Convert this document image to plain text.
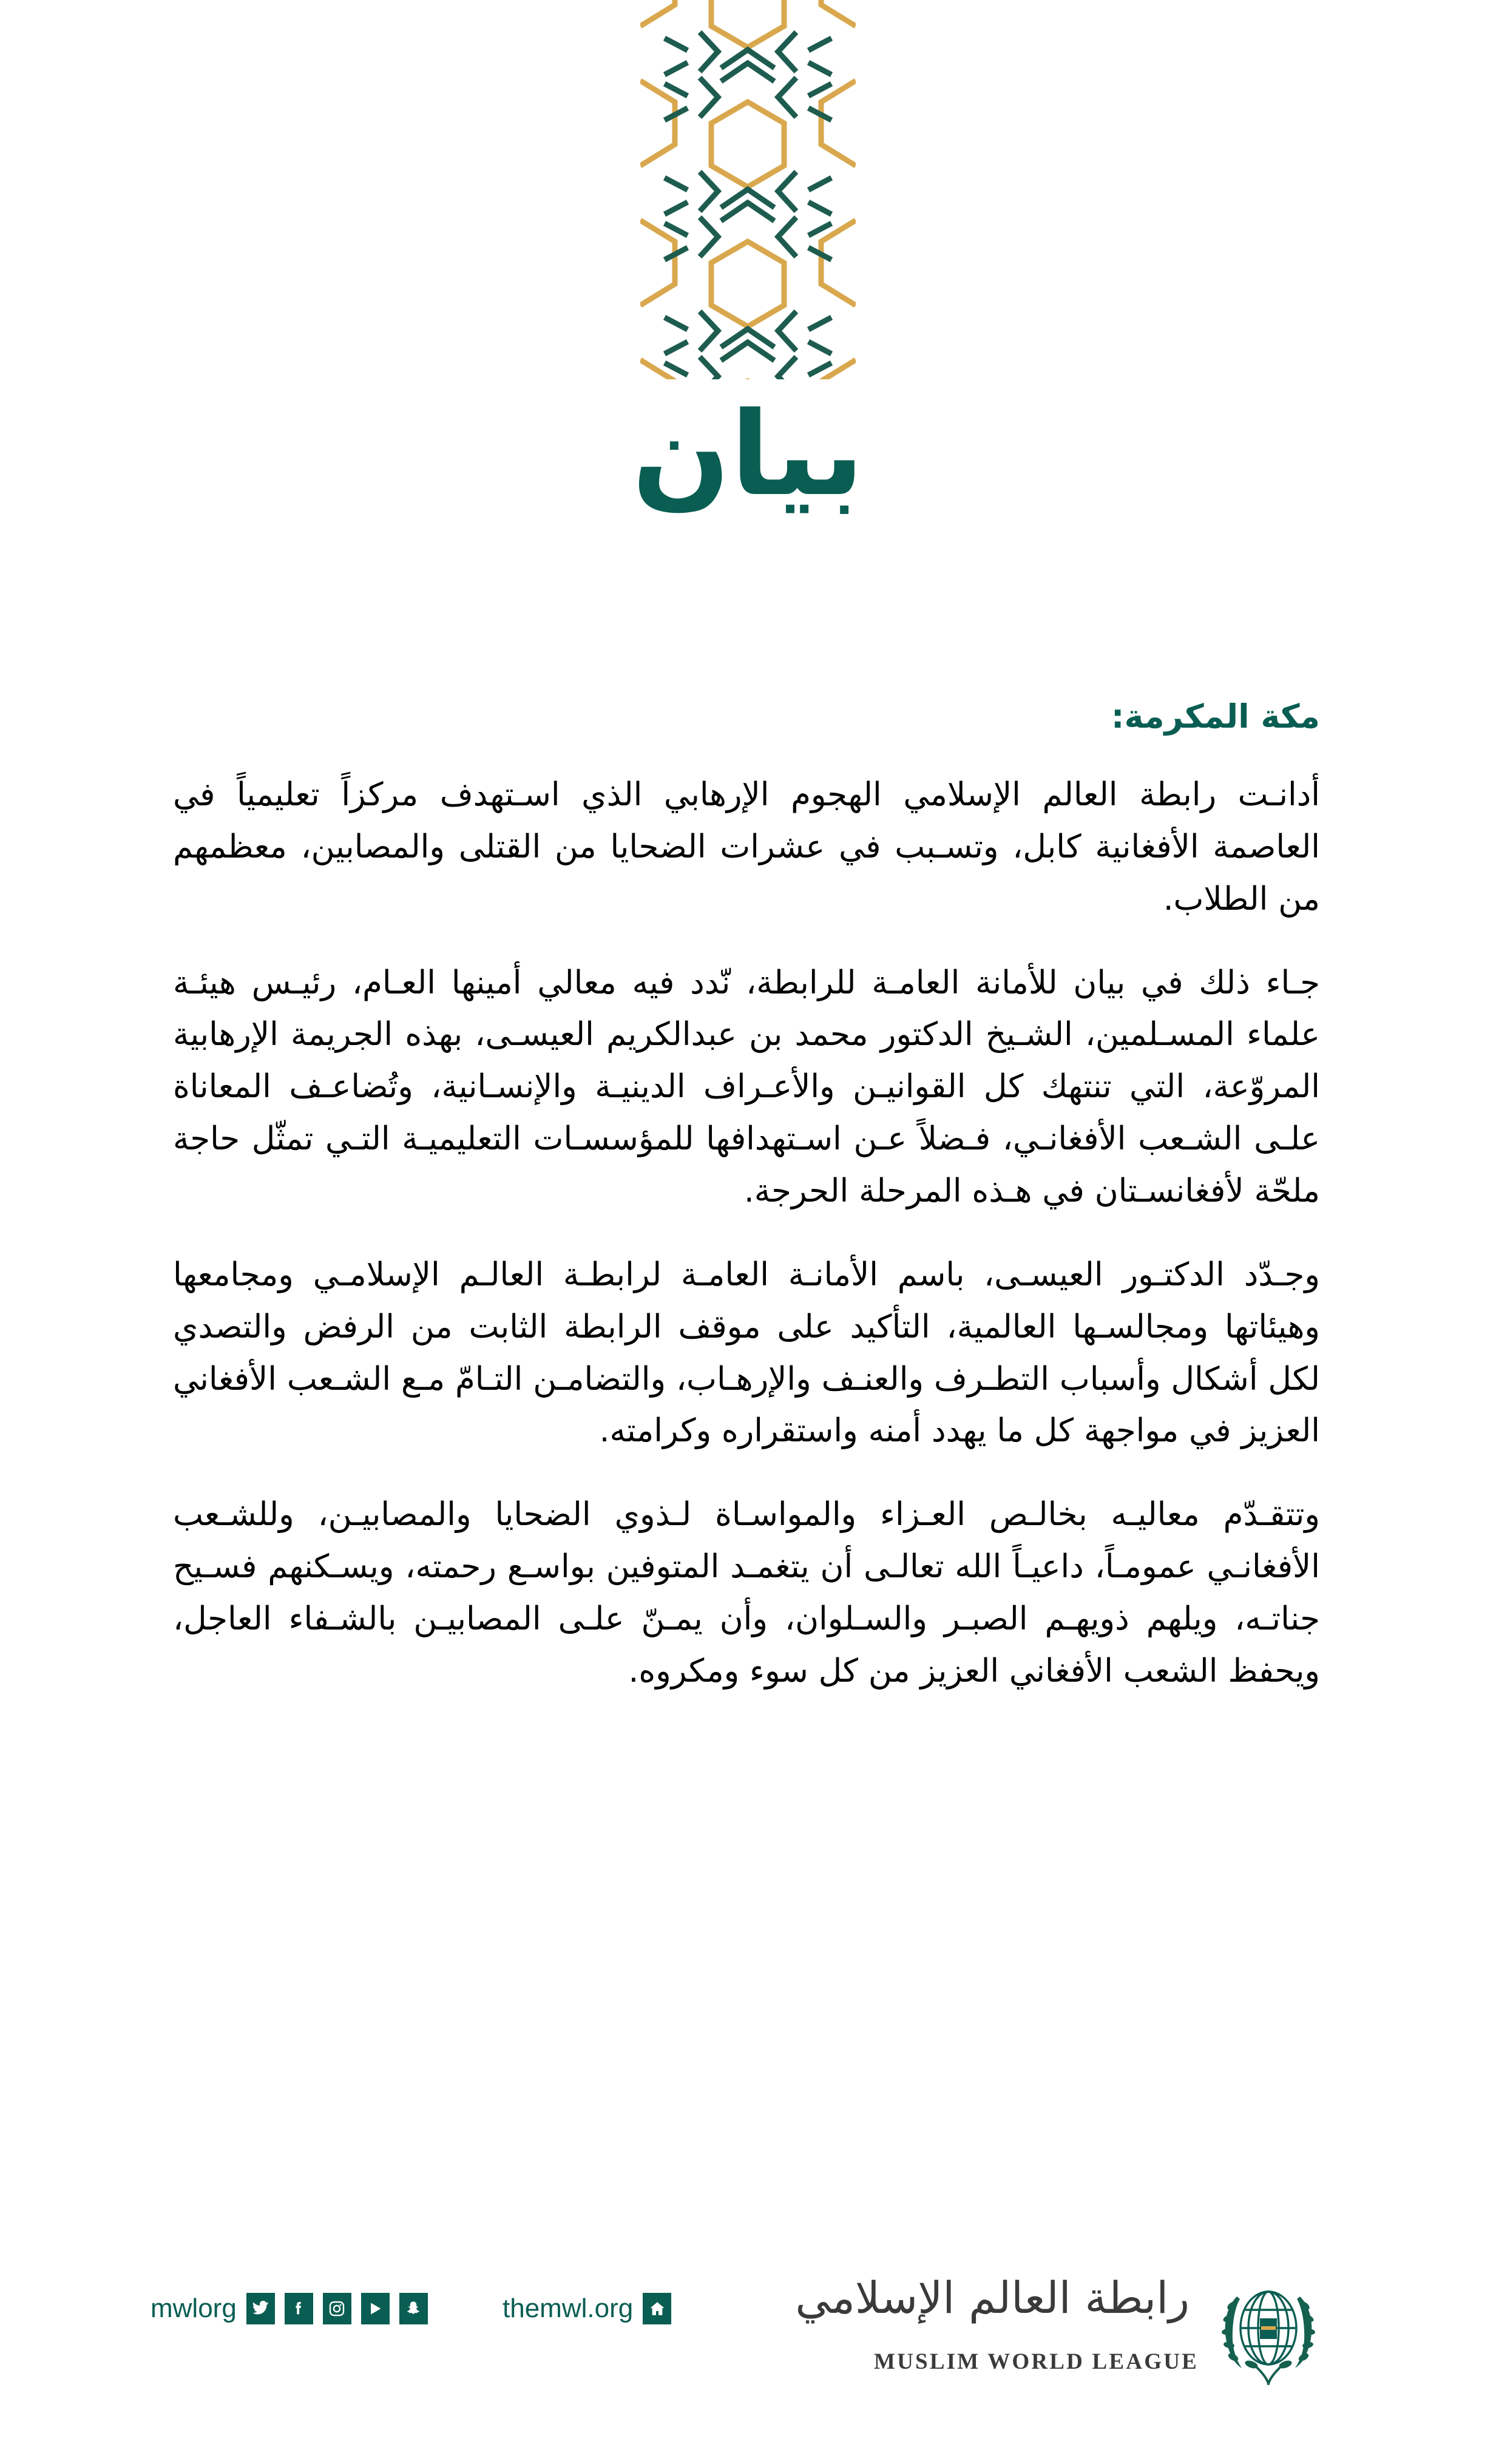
بيان

مكة المكرمة:

أدانـت رابطة العالم الإسلامي الهجوم الإرهابي الذي اسـتهدف مركزاً تعليمياً في العاصمة الأفغانية كابل، وتسـبب في عشرات الضحايا من القتلى والمصابين، معظمهم من الطلاب.

جـاء ذلك في بيان للأمانة العامـة للرابطة، نّدد فيه معالي أمينها العـام، رئيـس هيئـة علماء المسـلمين، الشـيخ الدكتور محمد بن عبدالكريم العيسـى، بهذه الجريمة الإرهابية المروّعة، التي تنتهك كل القوانيـن والأعـراف الدينيـة والإنسـانية، وتُضاعـف المعاناة علـى الشـعب الأفغانـي، فـضلاً عـن اسـتهدافها للمؤسسـات التعليميـة التـي تمثّل حاجة ملحّة لأفغانسـتان في هـذه المرحلة الحرجة.

وجـدّد الدكتـور العيسـى، باسم الأمانـة العامـة لرابطـة العالـم الإسلامـي ومجامعها وهيئاتها ومجالسـها العالمية، التأكيد على موقف الرابطة الثابت من الرفض والتصدي لكل أشكال وأسباب التطـرف والعنـف والإرهـاب، والتضامـن التـامّ مـع الشـعب الأفغاني العزيز في مواجهة كل ما يهدد أمنه واستقراره وكرامته.

وتتقـدّم معاليـه بخالـص العـزاء والمواسـاة لـذوي الضحايا والمصابيـن، وللشـعب الأفغانـي عمومـاً، داعيـاً الله تعالـى أن يتغمـد المتوفين بواسـع رحمته، ويسـكنهم فسـيح جناتـه، ويلهم ذويهـم الصبـر والسـلوان، وأن يمـنّ علـى المصابيـن بالشـفاء العاجل، ويحفظ الشعب الأفغاني العزيز من كل سوء ومكروه.

mwlorg	themwl.org	رابطة العالم الإسلامي
MUSLIM WORLD LEAGUE
